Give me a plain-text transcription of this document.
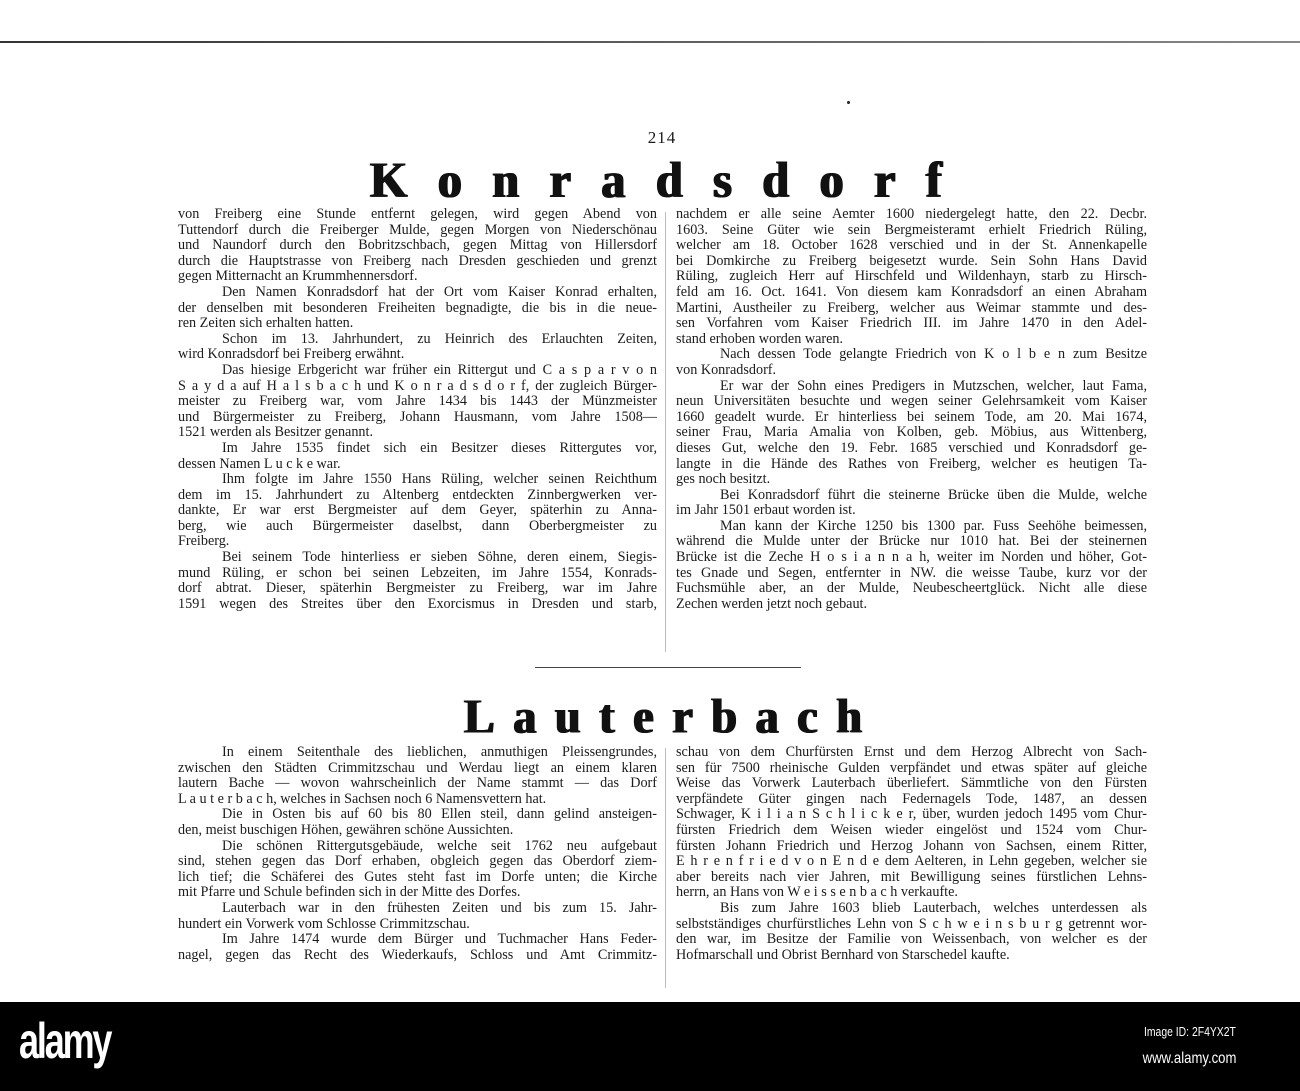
214
K o n r a d s d o r f
von Freiberg eine Stunde entfernt gelegen, wird gegen Abend von
Tuttendorf durch die Freiberger Mulde, gegen Morgen von Niederschönau
und Naundorf durch den Bobritzschbach, gegen Mittag von Hillersdorf
durch die Hauptstrasse von Freiberg nach Dresden geschieden und grenzt
gegen Mitternacht an Krummhennersdorf.
Den Namen Konradsdorf hat der Ort vom Kaiser Konrad erhalten,
der denselben mit besonderen Freiheiten begnadigte, die bis in die neue-
ren Zeiten sich erhalten hatten.
Schon im 13. Jahrhundert, zu Heinrich des Erlauchten Zeiten,
wird Konradsdorf bei Freiberg erwähnt.
Das hiesige Erbgericht war früher ein Rittergut und C a s p a r v o n
S a y d a auf H a l s b a c h und K o n r a d s d o r f, der zugleich Bürger-
meister zu Freiberg war, vom Jahre 1434 bis 1443 der Münzmeister
und Bürgermeister zu Freiberg, Johann Hausmann, vom Jahre 1508—
1521 werden als Besitzer genannt.
Im Jahre 1535 findet sich ein Besitzer dieses Rittergutes vor,
dessen Namen L u c k e war.
Ihm folgte im Jahre 1550 Hans Rüling, welcher seinen Reichthum
dem im 15. Jahrhundert zu Altenberg entdeckten Zinnbergwerken ver-
dankte, Er war erst Bergmeister auf dem Geyer, späterhin zu Anna-
berg, wie auch Bürgermeister daselbst, dann Oberbergmeister zu
Freiberg.
Bei seinem Tode hinterliess er sieben Söhne, deren einem, Siegis-
mund Rüling, er schon bei seinen Lebzeiten, im Jahre 1554, Konrads-
dorf abtrat. Dieser, späterhin Bergmeister zu Freiberg, war im Jahre
1591 wegen des Streites über den Exorcismus in Dresden und starb,
nachdem er alle seine Aemter 1600 niedergelegt hatte, den 22. Decbr.
1603. Seine Güter wie sein Bergmeisteramt erhielt Friedrich Rüling,
welcher am 18. October 1628 verschied und in der St. Annenkapelle
bei Domkirche zu Freiberg beigesetzt wurde. Sein Sohn Hans David
Rüling, zugleich Herr auf Hirschfeld und Wildenhayn, starb zu Hirsch-
feld am 16. Oct. 1641. Von diesem kam Konradsdorf an einen Abraham
Martini, Austheiler zu Freiberg, welcher aus Weimar stammte und des-
sen Vorfahren vom Kaiser Friedrich III. im Jahre 1470 in den Adel-
stand erhoben worden waren.
Nach dessen Tode gelangte Friedrich von K o l b e n zum Besitze
von Konradsdorf.
Er war der Sohn eines Predigers in Mutzschen, welcher, laut Fama,
neun Universitäten besuchte und wegen seiner Gelehrsamkeit vom Kaiser
1660 geadelt wurde. Er hinterliess bei seinem Tode, am 20. Mai 1674,
seiner Frau, Maria Amalia von Kolben, geb. Möbius, aus Wittenberg,
dieses Gut, welche den 19. Febr. 1685 verschied und Konradsdorf ge-
langte in die Hände des Rathes von Freiberg, welcher es heutigen Ta-
ges noch besitzt.
Bei Konradsdorf führt die steinerne Brücke üben die Mulde, welche
im Jahr 1501 erbaut worden ist.
Man kann der Kirche 1250 bis 1300 par. Fuss Seehöhe beimessen,
während die Mulde unter der Brücke nur 1010 hat. Bei der steinernen
Brücke ist die Zeche H o s i a n n a h, weiter im Norden und höher, Got-
tes Gnade und Segen, entfernter in NW. die weisse Taube, kurz vor der
Fuchsmühle aber, an der Mulde, Neubescheertglück. Nicht alle diese
Zechen werden jetzt noch gebaut.
L a u t e r b a c h
In einem Seitenthale des lieblichen, anmuthigen Pleissengrundes,
zwischen den Städten Crimmitzschau und Werdau liegt an einem klaren
lautern Bache — wovon wahrscheinlich der Name stammt — das Dorf
L a u t e r b a c h, welches in Sachsen noch 6 Namensvettern hat.
Die in Osten bis auf 60 bis 80 Ellen steil, dann gelind ansteigen-
den, meist buschigen Höhen, gewähren schöne Aussichten.
Die schönen Rittergutsgebäude, welche seit 1762 neu aufgebaut
sind, stehen gegen das Dorf erhaben, obgleich gegen das Oberdorf ziem-
lich tief; die Schäferei des Gutes steht fast im Dorfe unten; die Kirche
mit Pfarre und Schule befinden sich in der Mitte des Dorfes.
Lauterbach war in den frühesten Zeiten und bis zum 15. Jahr-
hundert ein Vorwerk vom Schlosse Crimmitzschau.
Im Jahre 1474 wurde dem Bürger und Tuchmacher Hans Feder-
nagel, gegen das Recht des Wiederkaufs, Schloss und Amt Crimmitz-
schau von dem Churfürsten Ernst und dem Herzog Albrecht von Sach-
sen für 7500 rheinische Gulden verpfändet und etwas später auf gleiche
Weise das Vorwerk Lauterbach überliefert. Sämmtliche von den Fürsten
verpfändete Güter gingen nach Federnagels Tode, 1487, an dessen
Schwager, K i l i a n S c h l i c k e r, über, wurden jedoch 1495 vom Chur-
fürsten Friedrich dem Weisen wieder eingelöst und 1524 vom Chur-
fürsten Johann Friedrich und Herzog Johann von Sachsen, einem Ritter,
E h r e n f r i e d v o n E n d e dem Aelteren, in Lehn gegeben, welcher sie
aber bereits nach vier Jahren, mit Bewilligung seines fürstlichen Lehns-
herrn, an Hans von W e i s s e n b a c h verkaufte.
Bis zum Jahre 1603 blieb Lauterbach, welches unterdessen als
selbstständiges churfürstliches Lehn von S c h w e i n s b u r g getrennt wor-
den war, im Besitze der Familie von Weissenbach, von welcher es der
Hofmarschall und Obrist Bernhard von Starschedel kaufte.
alamy	Image ID: 2F4YX2T
www.alamy.com
